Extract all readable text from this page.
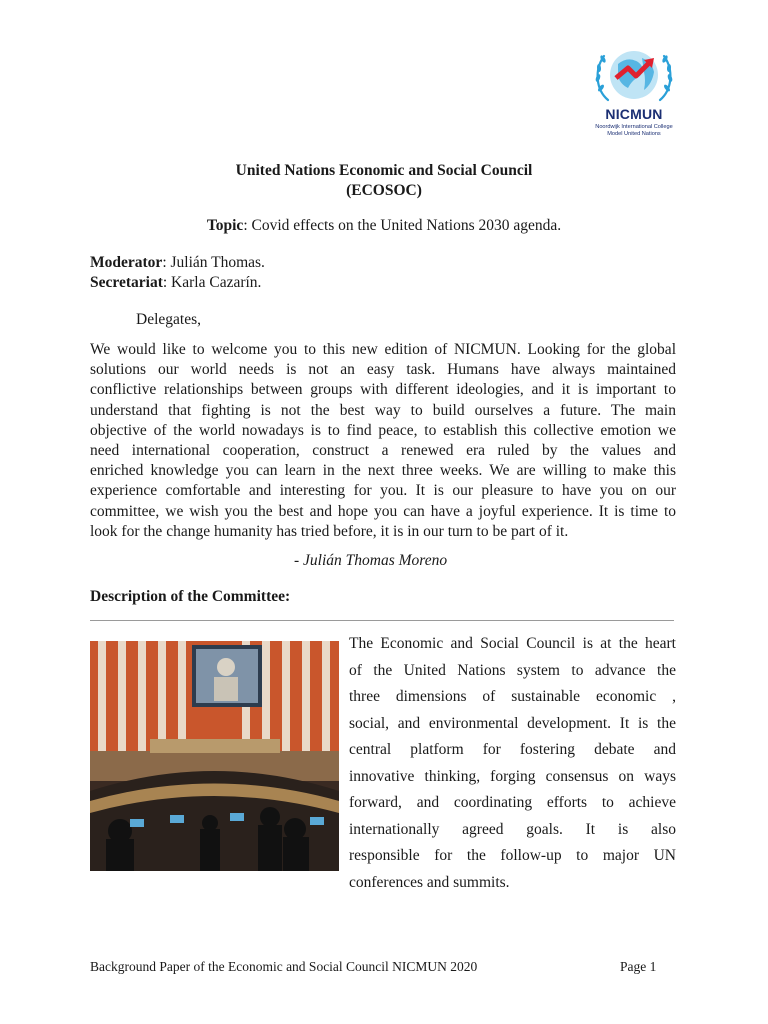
NICMUN
Noordwijk International College
Model United Nations
United Nations Economic and Social Council
(ECOSOC)
Topic: Covid effects on the United Nations 2030 agenda.
Moderator: Julián Thomas.
Secretariat: Karla Cazarín.
Delegates,
We would like to welcome you to this new edition of NICMUN. Looking for the global
solutions our world needs is not an easy task. Humans have always maintained
conflictive relationships between groups with different ideologies, and it is important to
understand that fighting is not the best way to build ourselves a future. The main
objective of the world nowadays is to find peace, to establish this collective emotion we
need international cooperation, construct a renewed era ruled by the values and
enriched knowledge you can learn in the next three weeks. We are willing to make this
experience comfortable and interesting for you. It is our pleasure to have you on our
committee, we wish you the best and hope you can have a joyful experience. It is time to
look for the change humanity has tried before, it is in our turn to be part of it.
- Julián Thomas Moreno
Description of the Committee:
The Economic and Social Council is at the heart
of the United Nations system to advance the
three dimensions of sustainable economic ,
social, and environmental development. It is the
central platform for fostering debate and
innovative thinking, forging consensus on ways
forward, and coordinating efforts to achieve
internationally agreed goals. It is also
responsible for the follow-up to major UN
conferences and summits.
Background Paper of the Economic and Social Council NICMUN 2020	Page 1
